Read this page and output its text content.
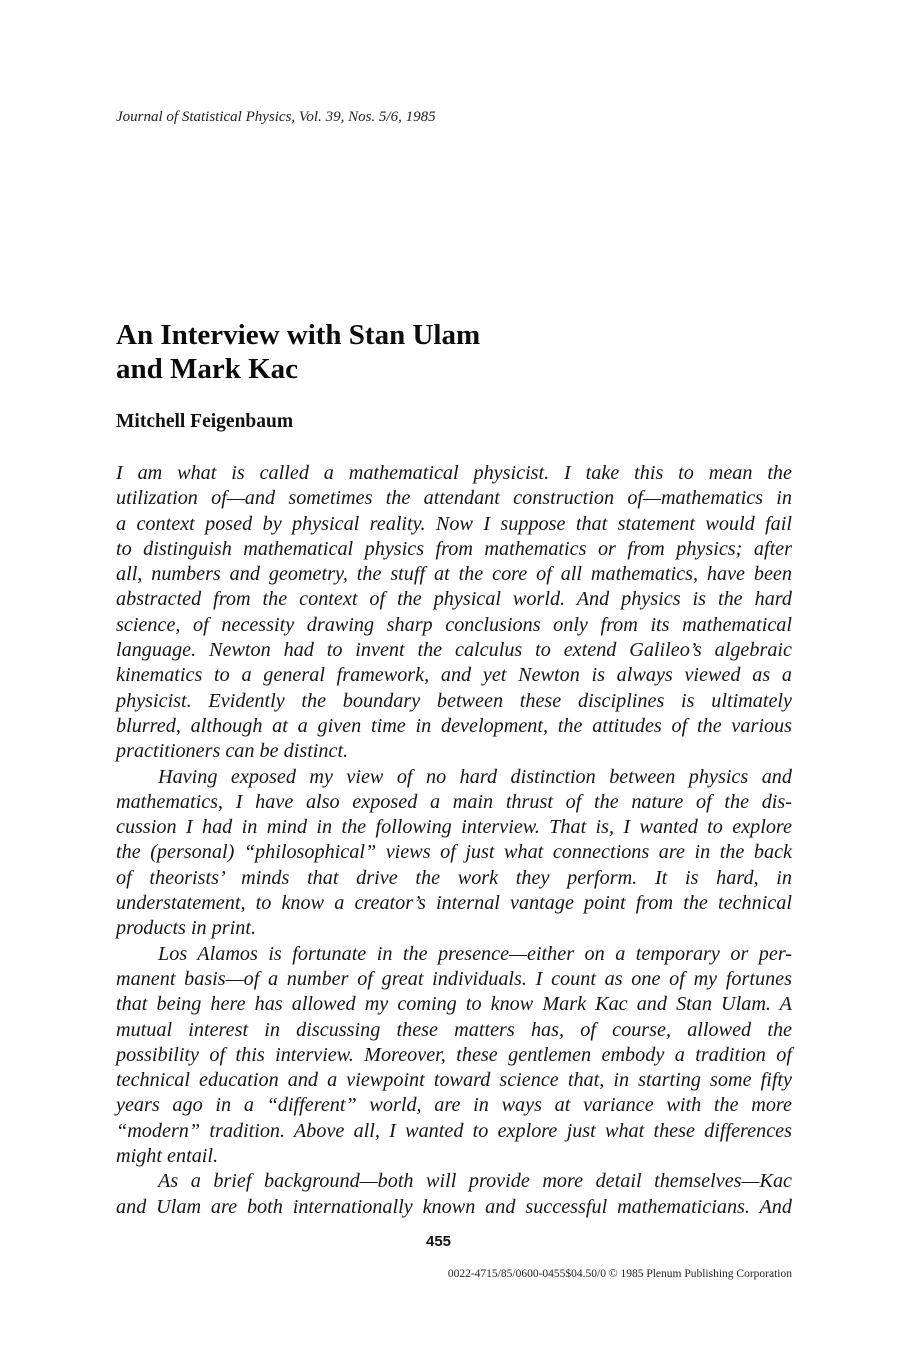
Journal of Statistical Physics, Vol. 39, Nos. 5/6, 1985
An Interview with Stan Ulam
and Mark Kac
Mitchell Feigenbaum
I am what is called a mathematical physicist. I take this to mean the
utilization of—and sometimes the attendant construction of—mathematics in
a context posed by physical reality. Now I suppose that statement would fail
to distinguish mathematical physics from mathematics or from physics; after
all, numbers and geometry, the stuff at the core of all mathematics, have been
abstracted from the context of the physical world. And physics is the hard
science, of necessity drawing sharp conclusions only from its mathematical
language. Newton had to invent the calculus to extend Galileo’s algebraic
kinematics to a general framework, and yet Newton is always viewed as a
physicist. Evidently the boundary between these disciplines is ultimately
blurred, although at a given time in development, the attitudes of the various
practitioners can be distinct.
Having exposed my view of no hard distinction between physics and
mathematics, I have also exposed a main thrust of the nature of the dis-
cussion I had in mind in the following interview. That is, I wanted to explore
the (personal) “philosophical” views of just what connections are in the back
of theorists’ minds that drive the work they perform. It is hard, in
understatement, to know a creator’s internal vantage point from the technical
products in print.
Los Alamos is fortunate in the presence—either on a temporary or per-
manent basis—of a number of great individuals. I count as one of my fortunes
that being here has allowed my coming to know Mark Kac and Stan Ulam. A
mutual interest in discussing these matters has, of course, allowed the
possibility of this interview. Moreover, these gentlemen embody a tradition of
technical education and a viewpoint toward science that, in starting some fifty
years ago in a “different” world, are in ways at variance with the more
“modern” tradition. Above all, I wanted to explore just what these differences
might entail.
As a brief background—both will provide more detail themselves—Kac
and Ulam are both internationally known and successful mathematicians. And
455
0022-4715/85/0600-0455$04.50/0 © 1985 Plenum Publishing Corporation
